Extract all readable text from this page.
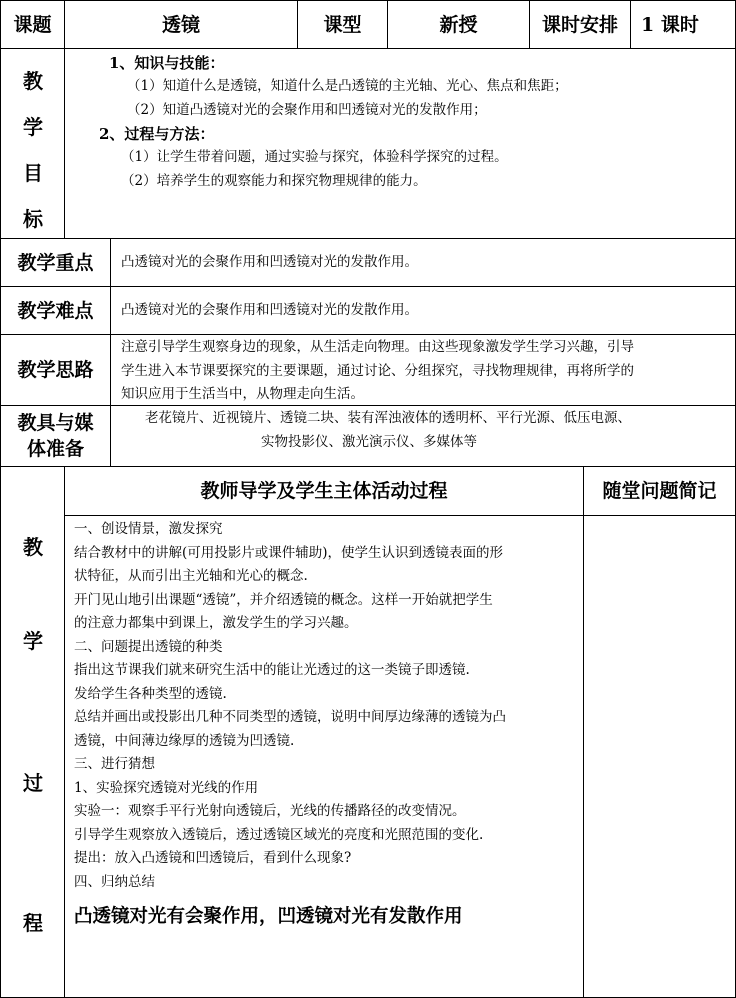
课题	透镜	课型	新授	课时安排 1 课时
教
学
目
标
1、知识与技能：
（1）知道什么是透镜，知道什么是凸透镜的主光轴、光心、焦点和焦距；
（2）知道凸透镜对光的会聚作用和凹透镜对光的发散作用；
2、过程与方法：
（1）让学生带着问题，通过实验与探究，体验科学探究的过程。
（2）培养学生的观察能力和探究物理规律的能力。
教学重点 凸透镜对光的会聚作用和凹透镜对光的发散作用。
教学难点 凸透镜对光的会聚作用和凹透镜对光的发散作用。
教学思路
注意引导学生观察身边的现象，从生活走向物理。由这些现象激发学生学习兴趣，引导
学生进入本节课要探究的主要课题，通过讨论、分组探究，寻找物理规律，再将所学的
知识应用于生活当中，从物理走向生活。
教具与媒
体准备
老花镜片、近视镜片、透镜二块、装有浑浊液体的透明杯、平行光源、低压电源、
实物投影仪、激光演示仪、多媒体等
教
学
过
程
教师导学及学生主体活动过程	随堂问题简记
一、创设情景，激发探究
结合教材中的讲解(可用投影片或课件辅助)，使学生认识到透镜表面的形
状特征，从而引出主光轴和光心的概念.
开门见山地引出课题“透镜”，并介绍透镜的概念。这样一开始就把学生
的注意力都集中到课上，激发学生的学习兴趣。
二、问题提出透镜的种类
指出这节课我们就来研究生活中的能让光透过的这一类镜子即透镜.
发给学生各种类型的透镜.
总结并画出或投影出几种不同类型的透镜，说明中间厚边缘薄的透镜为凸
透镜，中间薄边缘厚的透镜为凹透镜.
三、进行猜想
1、实验探究透镜对光线的作用
实验一：观察手平行光射向透镜后，光线的传播路径的改变情况。
引导学生观察放入透镜后，透过透镜区域光的亮度和光照范围的变化.
提出：放入凸透镜和凹透镜后，看到什么现象?
四、归纳总结
凸透镜对光有会聚作用，凹透镜对光有发散作用
